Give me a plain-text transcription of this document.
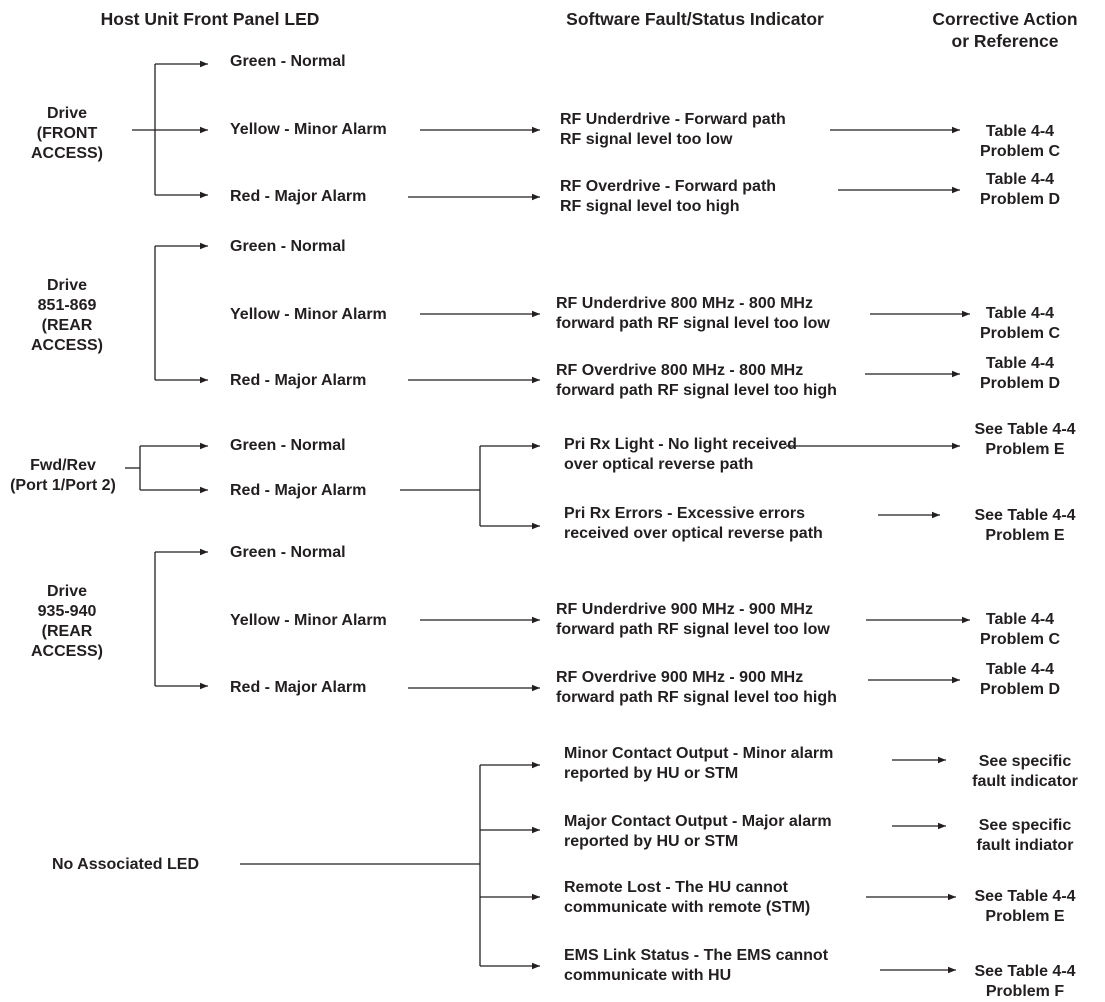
Host Unit Front Panel LED	Software Fault/Status Indicator	Corrective Action
or Reference
Drive
(FRONT
ACCESS)
Drive
851-869
(REAR
ACCESS)
Fwd/Rev
(Port 1/Port 2)
Drive
935-940
(REAR
ACCESS)
No Associated LED
Green - Normal
Yellow - Minor Alarm
Red - Major Alarm
Green - Normal
Yellow - Minor Alarm
Red - Major Alarm
Green - Normal
Red - Major Alarm
Green - Normal
Yellow - Minor Alarm
Red - Major Alarm
RF Underdrive - Forward path
RF signal level too low
RF Overdrive - Forward path
RF signal level too high
RF Underdrive 800 MHz - 800 MHz
forward path RF signal level too low
RF Overdrive 800 MHz - 800 MHz
forward path RF signal level too high
Pri Rx Light - No light received
over optical reverse path
Pri Rx Errors - Excessive errors
received over optical reverse path
RF Underdrive 900 MHz - 900 MHz
forward path RF signal level too low
RF Overdrive 900 MHz - 900 MHz
forward path RF signal level too high
Minor Contact Output - Minor alarm
reported by HU or STM
Major Contact Output - Major alarm
reported by HU or STM
Remote Lost - The HU cannot
communicate with remote (STM)
EMS Link Status - The EMS cannot
communicate with HU
Table 4-4
Problem C
Table 4-4
Problem D
Table 4-4
Problem C
Table 4-4
Problem D
See Table 4-4
Problem E
See Table 4-4
Problem E
Table 4-4
Problem C
Table 4-4
Problem D
See specific
fault indicator
See specific
fault indiator
See Table 4-4
Problem E
See Table 4-4
Problem F
